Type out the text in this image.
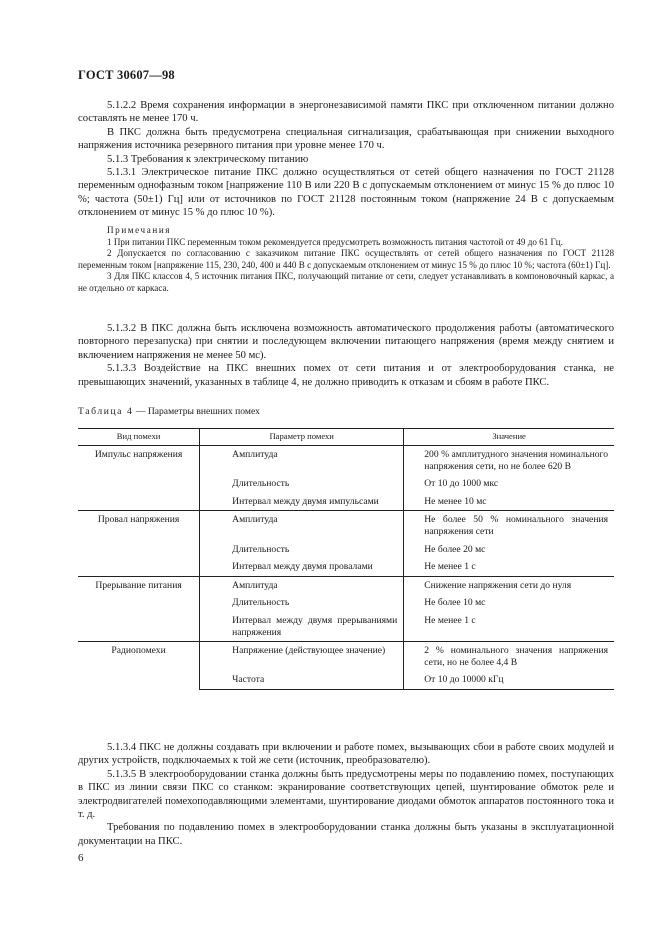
ГОСТ 30607—98

5.1.2.2 Время сохранения информации в энергонезависимой памяти ПКС при отключенном питании должно составлять не менее 170 ч.

В ПКС должна быть предусмотрена специальная сигнализация, срабатывающая при снижении выходного напряжения источника резервного питания при уровне менее 170 ч.

5.1.3 Требования к электрическому питанию

5.1.3.1 Электрическое питание ПКС должно осуществляться от сетей общего назначения по ГОСТ 21128 переменным однофазным током [напряжение 110 В или 220 В с допускаемым отклонением от минус 15 % до плюс 10 %; частота (50±1) Гц] или от источников по ГОСТ 21128 постоянным током (напряжение 24 В с допускаемым отклонением от минус 15 % до плюс 10 %).

Примечания

1 При питании ПКС переменным током рекомендуется предусмотреть возможность питания частотой от 49 до 61 Гц.

2 Допускается по согласованию с заказчиком питание ПКС осуществлять от сетей общего назначения по ГОСТ 21128 переменным током [напряжение 115, 230, 240, 400 и 440 В с допускаемым отклонением от минус 15 % до плюс 10 %; частота (60±1) Гц].

3 Для ПКС классов 4, 5 источник питания ПКС, получающий питание от сети, следует устанавливать в компоновочный каркас, а не отдельно от каркаса.

5.1.3.2 В ПКС должна быть исключена возможность автоматического продолжения работы (автоматического повторного перезапуска) при снятии и последующем включении питающего напряжения (время между снятием и включением напряжения не менее 50 мс).

5.1.3.3 Воздействие на ПКС внешних помех от сети питания и от электрооборудования станка, не превышающих значений, указанных в таблице 4, не должно приводить к отказам и сбоям в работе ПКС.

Таблица 4 — Параметры внешних помех
Вид помехи	Параметр помехи	Значение
Импульс напряжения	Амплитуда	200 % амплитудного значения номинального напряжения сети, но не более 620 В
	Длительность	От 10 до 1000 мкс
	Интервал между двумя импульсами	Не менее 10 мс
Провал напряжения	Амплитуда	Не более 50 % номинального значения напряжения сети
	Длительность	Не более 20 мс
	Интервал между двумя провалами	Не менее 1 с
Прерывание питания	Амплитуда	Снижение напряжения сети до нуля
	Длительность	Не более 10 мс
	Интервал между двумя прерываниями напряжения	Не менее 1 с
Радиопомехи	Напряжение (действующее значение)	2 % номинального значения напряжения сети, но не более 4,4 В
	Частота	От 10 до 10000 кГц

5.1.3.4 ПКС не должны создавать при включении и работе помех, вызывающих сбои в работе своих модулей и других устройств, подключаемых к той же сети (источник, преобразователю).

5.1.3.5 В электрооборудовании станка должны быть предусмотрены меры по подавлению помех, поступающих в ПКС из линии связи ПКС со станком: экранирование соответствующих цепей, шунтирование обмоток реле и электродвигателей помехоподавляющими элементами, шунтирование диодами обмоток аппаратов постоянного тока и т. д.

Требования по подавлению помех в электрооборудовании станка должны быть указаны в эксплуатационной документации на ПКС.

6
